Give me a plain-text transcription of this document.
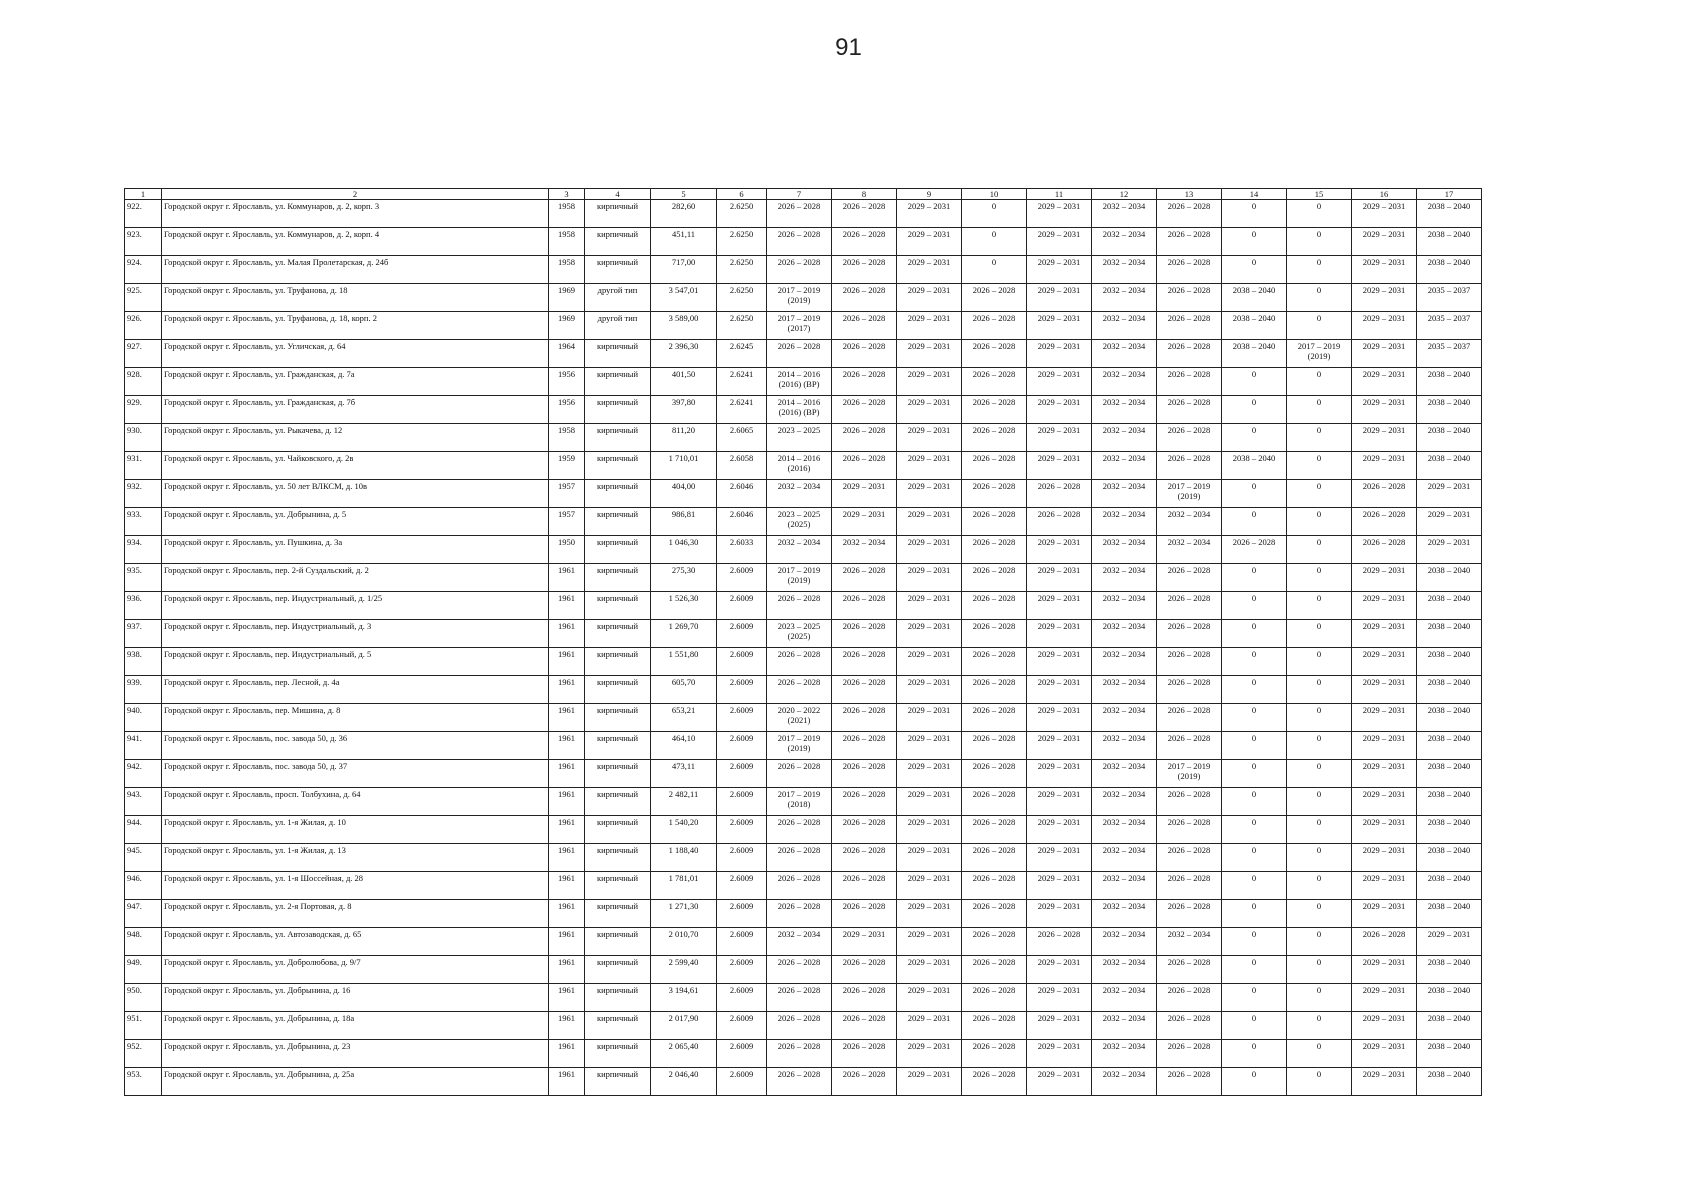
91
1	2	3	4	5	6	7	8	9	10	11	12	13	14	15	16	17
922.	Городской округ г. Ярославль, ул. Коммунаров, д. 2, корп. 3	1958	кирпичный	282,60	2.6250	2026 – 2028	2026 – 2028	2029 – 2031	0	2029 – 2031	2032 – 2034	2026 – 2028	0	0	2029 – 2031	2038 – 2040
923.	Городской округ г. Ярославль, ул. Коммунаров, д. 2, корп. 4	1958	кирпичный	451,11	2.6250	2026 – 2028	2026 – 2028	2029 – 2031	0	2029 – 2031	2032 – 2034	2026 – 2028	0	0	2029 – 2031	2038 – 2040
924.	Городской округ г. Ярославль, ул. Малая Пролетарская, д. 24б	1958	кирпичный	717,00	2.6250	2026 – 2028	2026 – 2028	2029 – 2031	0	2029 – 2031	2032 – 2034	2026 – 2028	0	0	2029 – 2031	2038 – 2040
925.	Городской округ г. Ярославль, ул. Труфанова, д. 18	1969	другой тип	3 547,01	2.6250	2017 – 2019
(2019)	2026 – 2028	2029 – 2031	2026 – 2028	2029 – 2031	2032 – 2034	2026 – 2028	2038 – 2040	0	2029 – 2031	2035 – 2037
926.	Городской округ г. Ярославль, ул. Труфанова, д. 18, корп. 2	1969	другой тип	3 589,00	2.6250	2017 – 2019
(2017)	2026 – 2028	2029 – 2031	2026 – 2028	2029 – 2031	2032 – 2034	2026 – 2028	2038 – 2040	0	2029 – 2031	2035 – 2037
927.	Городской округ г. Ярославль, ул. Угличская, д. 64	1964	кирпичный	2 396,30	2.6245	2026 – 2028	2026 – 2028	2029 – 2031	2026 – 2028	2029 – 2031	2032 – 2034	2026 – 2028	2038 – 2040	2017 – 2019
(2019)	2029 – 2031	2035 – 2037
928.	Городской округ г. Ярославль, ул. Гражданская, д. 7а	1956	кирпичный	401,50	2.6241	2014 – 2016
(2016) (ВР)	2026 – 2028	2029 – 2031	2026 – 2028	2029 – 2031	2032 – 2034	2026 – 2028	0	0	2029 – 2031	2038 – 2040
929.	Городской округ г. Ярославль, ул. Гражданская, д. 7б	1956	кирпичный	397,80	2.6241	2014 – 2016
(2016) (ВР)	2026 – 2028	2029 – 2031	2026 – 2028	2029 – 2031	2032 – 2034	2026 – 2028	0	0	2029 – 2031	2038 – 2040
930.	Городской округ г. Ярославль, ул. Рыкачева, д. 12	1958	кирпичный	811,20	2.6065	2023 – 2025	2026 – 2028	2029 – 2031	2026 – 2028	2029 – 2031	2032 – 2034	2026 – 2028	0	0	2029 – 2031	2038 – 2040
931.	Городской округ г. Ярославль, ул. Чайковского, д. 2в	1959	кирпичный	1 710,01	2.6058	2014 – 2016
(2016)	2026 – 2028	2029 – 2031	2026 – 2028	2029 – 2031	2032 – 2034	2026 – 2028	2038 – 2040	0	2029 – 2031	2038 – 2040
932.	Городской округ г. Ярославль, ул. 50 лет ВЛКСМ, д. 10в	1957	кирпичный	404,00	2.6046	2032 – 2034	2029 – 2031	2029 – 2031	2026 – 2028	2026 – 2028	2032 – 2034	2017 – 2019
(2019)	0	0	2026 – 2028	2029 – 2031
933.	Городской округ г. Ярославль, ул. Добрынина, д. 5	1957	кирпичный	986,81	2.6046	2023 – 2025
(2025)	2029 – 2031	2029 – 2031	2026 – 2028	2026 – 2028	2032 – 2034	2032 – 2034	0	0	2026 – 2028	2029 – 2031
934.	Городской округ г. Ярославль, ул. Пушкина, д. 3а	1950	кирпичный	1 046,30	2.6033	2032 – 2034	2032 – 2034	2029 – 2031	2026 – 2028	2029 – 2031	2032 – 2034	2032 – 2034	2026 – 2028	0	2026 – 2028	2029 – 2031
935.	Городской округ г. Ярославль, пер. 2-й Суздальский, д. 2	1961	кирпичный	275,30	2.6009	2017 – 2019
(2019)	2026 – 2028	2029 – 2031	2026 – 2028	2029 – 2031	2032 – 2034	2026 – 2028	0	0	2029 – 2031	2038 – 2040
936.	Городской округ г. Ярославль, пер. Индустриальный, д. 1/25	1961	кирпичный	1 526,30	2.6009	2026 – 2028	2026 – 2028	2029 – 2031	2026 – 2028	2029 – 2031	2032 – 2034	2026 – 2028	0	0	2029 – 2031	2038 – 2040
937.	Городской округ г. Ярославль, пер. Индустриальный, д. 3	1961	кирпичный	1 269,70	2.6009	2023 – 2025
(2025)	2026 – 2028	2029 – 2031	2026 – 2028	2029 – 2031	2032 – 2034	2026 – 2028	0	0	2029 – 2031	2038 – 2040
938.	Городской округ г. Ярославль, пер. Индустриальный, д. 5	1961	кирпичный	1 551,80	2.6009	2026 – 2028	2026 – 2028	2029 – 2031	2026 – 2028	2029 – 2031	2032 – 2034	2026 – 2028	0	0	2029 – 2031	2038 – 2040
939.	Городской округ г. Ярославль, пер. Лесной, д. 4а	1961	кирпичный	605,70	2.6009	2026 – 2028	2026 – 2028	2029 – 2031	2026 – 2028	2029 – 2031	2032 – 2034	2026 – 2028	0	0	2029 – 2031	2038 – 2040
940.	Городской округ г. Ярославль, пер. Мишина, д. 8	1961	кирпичный	653,21	2.6009	2020 – 2022
(2021)	2026 – 2028	2029 – 2031	2026 – 2028	2029 – 2031	2032 – 2034	2026 – 2028	0	0	2029 – 2031	2038 – 2040
941.	Городской округ г. Ярославль, пос. завода 50, д. 36	1961	кирпичный	464,10	2.6009	2017 – 2019
(2019)	2026 – 2028	2029 – 2031	2026 – 2028	2029 – 2031	2032 – 2034	2026 – 2028	0	0	2029 – 2031	2038 – 2040
942.	Городской округ г. Ярославль, пос. завода 50, д. 37	1961	кирпичный	473,11	2.6009	2026 – 2028	2026 – 2028	2029 – 2031	2026 – 2028	2029 – 2031	2032 – 2034	2017 – 2019
(2019)	0	0	2029 – 2031	2038 – 2040
943.	Городской округ г. Ярославль, просп. Толбухина, д. 64	1961	кирпичный	2 482,11	2.6009	2017 – 2019
(2018)	2026 – 2028	2029 – 2031	2026 – 2028	2029 – 2031	2032 – 2034	2026 – 2028	0	0	2029 – 2031	2038 – 2040
944.	Городской округ г. Ярославль, ул. 1-я Жилая, д. 10	1961	кирпичный	1 540,20	2.6009	2026 – 2028	2026 – 2028	2029 – 2031	2026 – 2028	2029 – 2031	2032 – 2034	2026 – 2028	0	0	2029 – 2031	2038 – 2040
945.	Городской округ г. Ярославль, ул. 1-я Жилая, д. 13	1961	кирпичный	1 188,40	2.6009	2026 – 2028	2026 – 2028	2029 – 2031	2026 – 2028	2029 – 2031	2032 – 2034	2026 – 2028	0	0	2029 – 2031	2038 – 2040
946.	Городской округ г. Ярославль, ул. 1-я Шоссейная, д. 28	1961	кирпичный	1 781,01	2.6009	2026 – 2028	2026 – 2028	2029 – 2031	2026 – 2028	2029 – 2031	2032 – 2034	2026 – 2028	0	0	2029 – 2031	2038 – 2040
947.	Городской округ г. Ярославль, ул. 2-я Портовая, д. 8	1961	кирпичный	1 271,30	2.6009	2026 – 2028	2026 – 2028	2029 – 2031	2026 – 2028	2029 – 2031	2032 – 2034	2026 – 2028	0	0	2029 – 2031	2038 – 2040
948.	Городской округ г. Ярославль, ул. Автозаводская, д. 65	1961	кирпичный	2 010,70	2.6009	2032 – 2034	2029 – 2031	2029 – 2031	2026 – 2028	2026 – 2028	2032 – 2034	2032 – 2034	0	0	2026 – 2028	2029 – 2031
949.	Городской округ г. Ярославль, ул. Добролюбова, д. 9/7	1961	кирпичный	2 599,40	2.6009	2026 – 2028	2026 – 2028	2029 – 2031	2026 – 2028	2029 – 2031	2032 – 2034	2026 – 2028	0	0	2029 – 2031	2038 – 2040
950.	Городской округ г. Ярославль, ул. Добрынина, д. 16	1961	кирпичный	3 194,61	2.6009	2026 – 2028	2026 – 2028	2029 – 2031	2026 – 2028	2029 – 2031	2032 – 2034	2026 – 2028	0	0	2029 – 2031	2038 – 2040
951.	Городской округ г. Ярославль, ул. Добрынина, д. 18а	1961	кирпичный	2 017,90	2.6009	2026 – 2028	2026 – 2028	2029 – 2031	2026 – 2028	2029 – 2031	2032 – 2034	2026 – 2028	0	0	2029 – 2031	2038 – 2040
952.	Городской округ г. Ярославль, ул. Добрынина, д. 23	1961	кирпичный	2 065,40	2.6009	2026 – 2028	2026 – 2028	2029 – 2031	2026 – 2028	2029 – 2031	2032 – 2034	2026 – 2028	0	0	2029 – 2031	2038 – 2040
953.	Городской округ г. Ярославль, ул. Добрынина, д. 25а	1961	кирпичный	2 046,40	2.6009	2026 – 2028	2026 – 2028	2029 – 2031	2026 – 2028	2029 – 2031	2032 – 2034	2026 – 2028	0	0	2029 – 2031	2038 – 2040
